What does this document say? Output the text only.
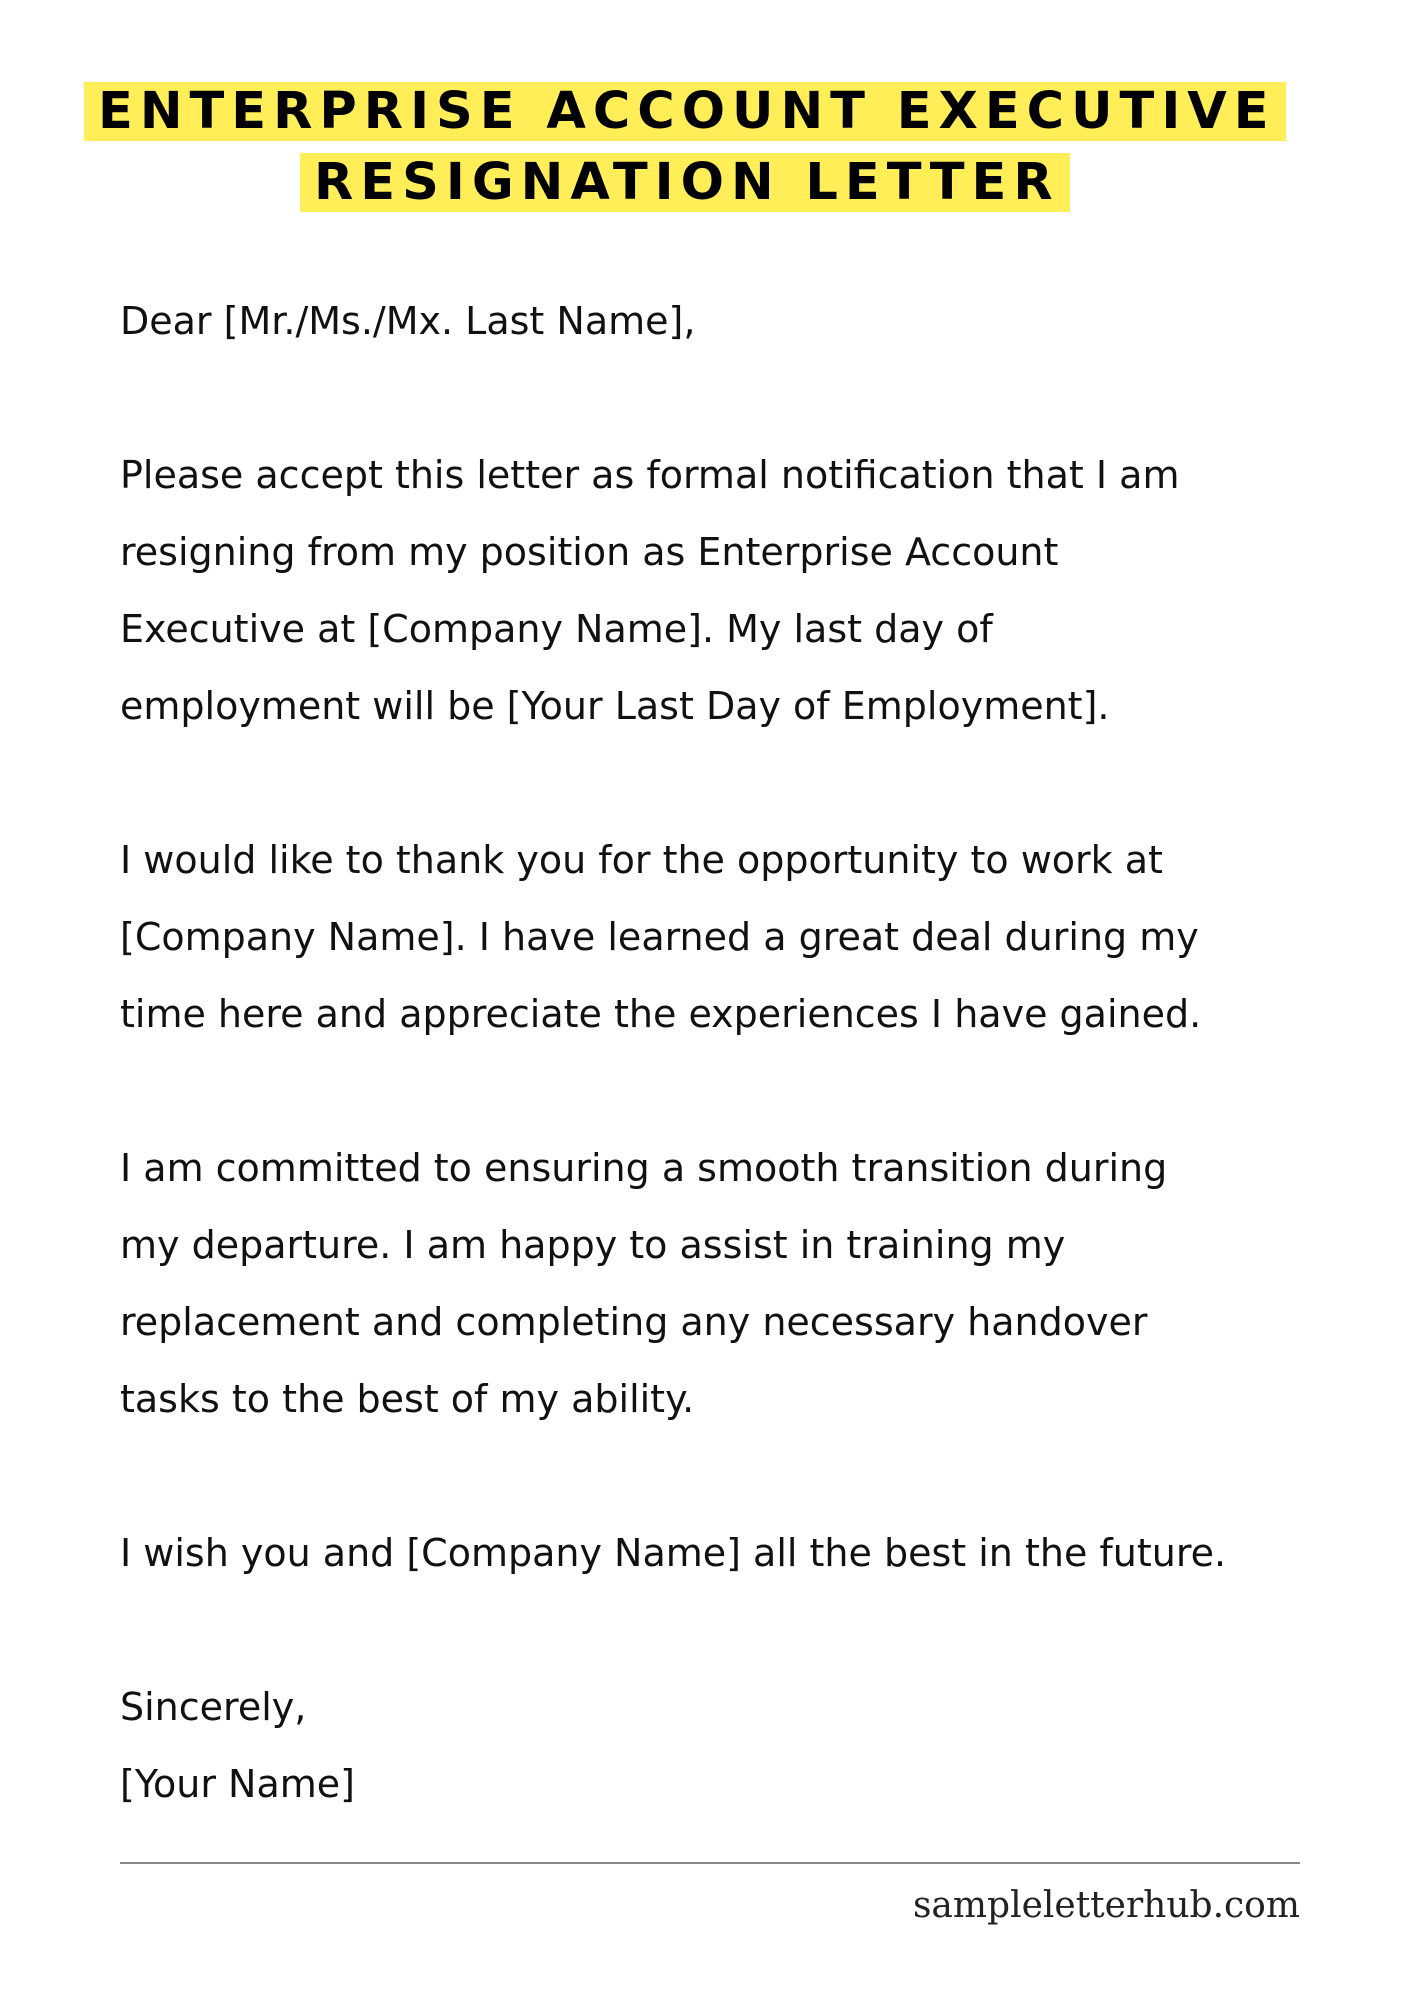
ENTERPRISE ACCOUNT EXECUTIVE
RESIGNATION LETTER

Dear [Mr./Ms./Mx. Last Name],

Please accept this letter as formal notification that I am

resigning from my position as Enterprise Account

Executive at [Company Name]. My last day of

employment will be [Your Last Day of Employment].

I would like to thank you for the opportunity to work at

[Company Name]. I have learned a great deal during my

time here and appreciate the experiences I have gained.

I am committed to ensuring a smooth transition during

my departure. I am happy to assist in training my

replacement and completing any necessary handover

tasks to the best of my ability.

I wish you and [Company Name] all the best in the future.

Sincerely,

[Your Name]

sampleletterhub.com
